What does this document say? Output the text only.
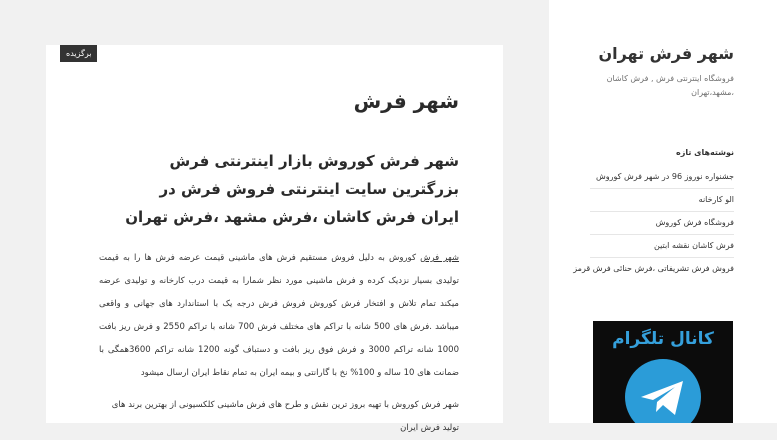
برگزیده
شهر فرش
شهر فرش کوروش بازار اینترنتی فرش بزرگترین سایت اینترنتی فروش فرش در ایران فرش کاشان ،فرش مشهد ،فرش تهران
شهر فرش کوروش به دلیل فروش مستقیم فرش های ماشینی قیمت عرضه فرش ها را به قیمت تولیدی بسیار نزدیک کرده و فرش ماشینی مورد نظر شمارا به قیمت درب کارخانه و تولیدی عرضه میکند تمام تلاش و افتخار فرش کوروش فروش فرش درجه یک با استاندارد های جهانی و واقعی میباشد .فرش های 500 شانه با تراکم های مختلف فرش 700 شانه با تراکم 2550 و فرش ریز بافت 1000 شانه تراکم 3000 و فرش فوق ریز بافت و دستباف گونه 1200 شانه تراکم 3600همگی با ضمانت های 10 ساله و 100% نخ با گارانتی و بیمه ایران به تمام نقاط ایران ارسال میشود
شهر فرش کوروش با تهیه بروز ترین نقش و طرح های فرش ماشینی کلکسیونی از بهترین برند های تولید فرش ایران
شهر فرش تهران
فروشگاه اینترنتی فرش , فرش کاشان ،مشهد،تهران
نوشته‌های تازه
جشنواره نوروز 96 در شهر فرش کوروش
الو کارخانه
فروشگاه فرش کوروش
فرش کاشان نقشه ابتین
فروش فرش تشریفاتی ،فرش حنائی فرش قرمز
کانال تلگرام
